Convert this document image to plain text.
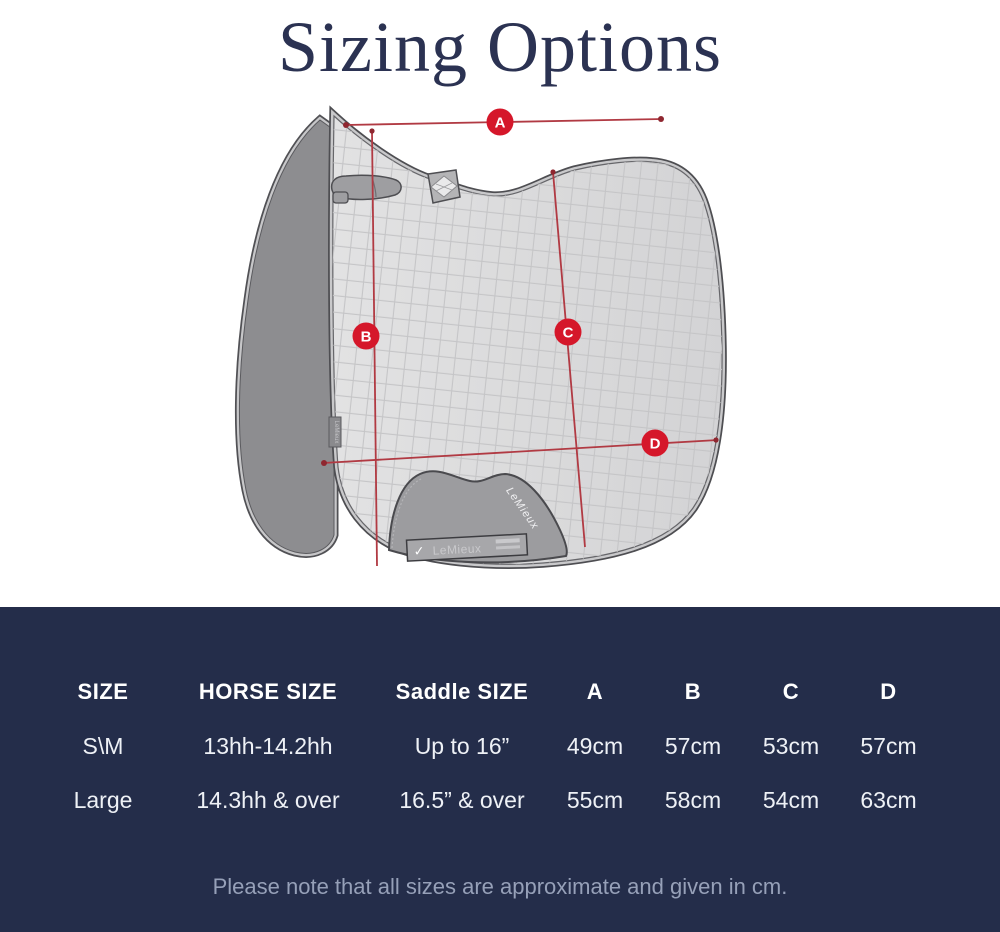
Sizing Options
LeMieux
✓ LeMieux
LeMieux
A
B	C
D
SIZE	HORSE SIZE	Saddle SIZE	A	B	C	D
S\M	13hh-14.2hh	Up to 16”	49cm	57cm	53cm	57cm
Large	14.3hh & over	16.5” & over	55cm	58cm	54cm	63cm
Please note that all sizes are approximate and given in cm.
